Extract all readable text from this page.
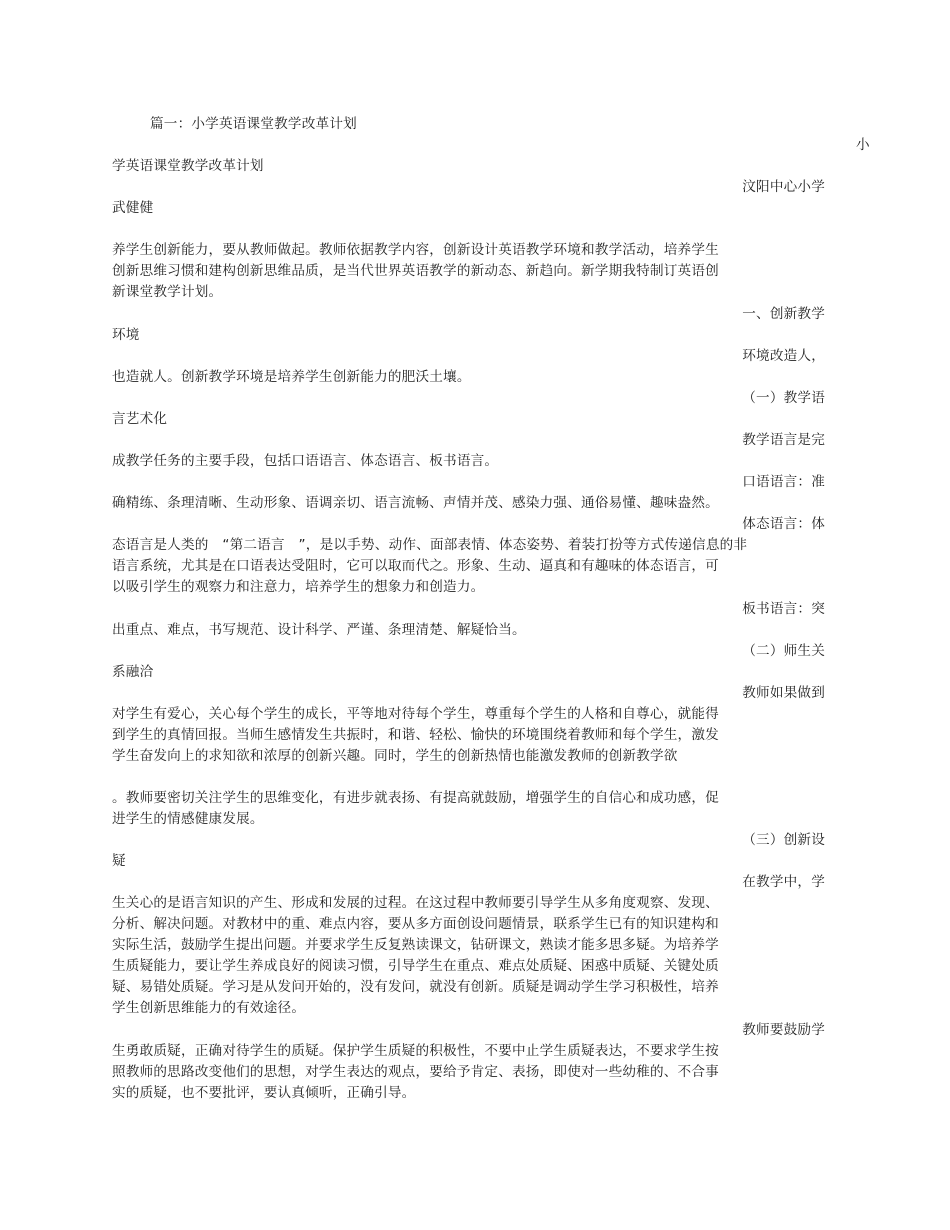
篇一：小学英语课堂教学改革计划

小

学英语课堂教学改革计划

汶阳中心小学

武健健

养学生创新能力，要从教师做起。教师依据教学内容，创新设计英语教学环境和教学活动，培养学生

创新思维习惯和建构创新思维品质，是当代世界英语教学的新动态、新趋向。新学期我特制订英语创

新课堂教学计划。

一、创新教学

环境

环境改造人，

也造就人。创新教学环境是培养学生创新能力的肥沃土壤。

（一）教学语

言艺术化

教学语言是完

成教学任务的主要手段，包括口语语言、体态语言、板书语言。

口语语言：准

确精练、条理清晰、生动形象、语调亲切、语言流畅、声情并茂、感染力强、通俗易懂、趣味盎然。

体态语言：体

态语言是人类的　“第二语言　”，是以手势、动作、面部表情、体态姿势、着装打扮等方式传递信息的非

语言系统，尤其是在口语表达受阻时，它可以取而代之。形象、生动、逼真和有趣味的体态语言，可

以吸引学生的观察力和注意力，培养学生的想象力和创造力。

板书语言：突

出重点、难点，书写规范、设计科学、严谨、条理清楚、解疑恰当。

（二）师生关

系融洽

教师如果做到

对学生有爱心，关心每个学生的成长，平等地对待每个学生，尊重每个学生的人格和自尊心，就能得

到学生的真情回报。当师生感情发生共振时，和谐、轻松、愉快的环境围绕着教师和每个学生，激发

学生奋发向上的求知欲和浓厚的创新兴趣。同时，学生的创新热情也能激发教师的创新教学欲

。教师要密切关注学生的思维变化，有进步就表扬、有提高就鼓励，增强学生的自信心和成功感，促

进学生的情感健康发展。

（三）创新设

疑

在教学中，学

生关心的是语言知识的产生、形成和发展的过程。在这过程中教师要引导学生从多角度观察、发现、

分析、解决问题。对教材中的重、难点内容，要从多方面创设问题情景，联系学生已有的知识建构和

实际生活，鼓励学生提出问题。并要求学生反复熟读课文，钻研课文，熟读才能多思多疑。为培养学

生质疑能力，要让学生养成良好的阅读习惯，引导学生在重点、难点处质疑、困惑中质疑、关键处质

疑、易错处质疑。学习是从发问开始的，没有发问，就没有创新。质疑是调动学生学习积极性，培养

学生创新思维能力的有效途径。

教师要鼓励学

生勇敢质疑，正确对待学生的质疑。保护学生质疑的积极性，不要中止学生质疑表达，不要求学生按

照教师的思路改变他们的思想，对学生表达的观点，要给予肯定、表扬，即使对一些幼稚的、不合事

实的质疑，也不要批评，要认真倾听，正确引导。
